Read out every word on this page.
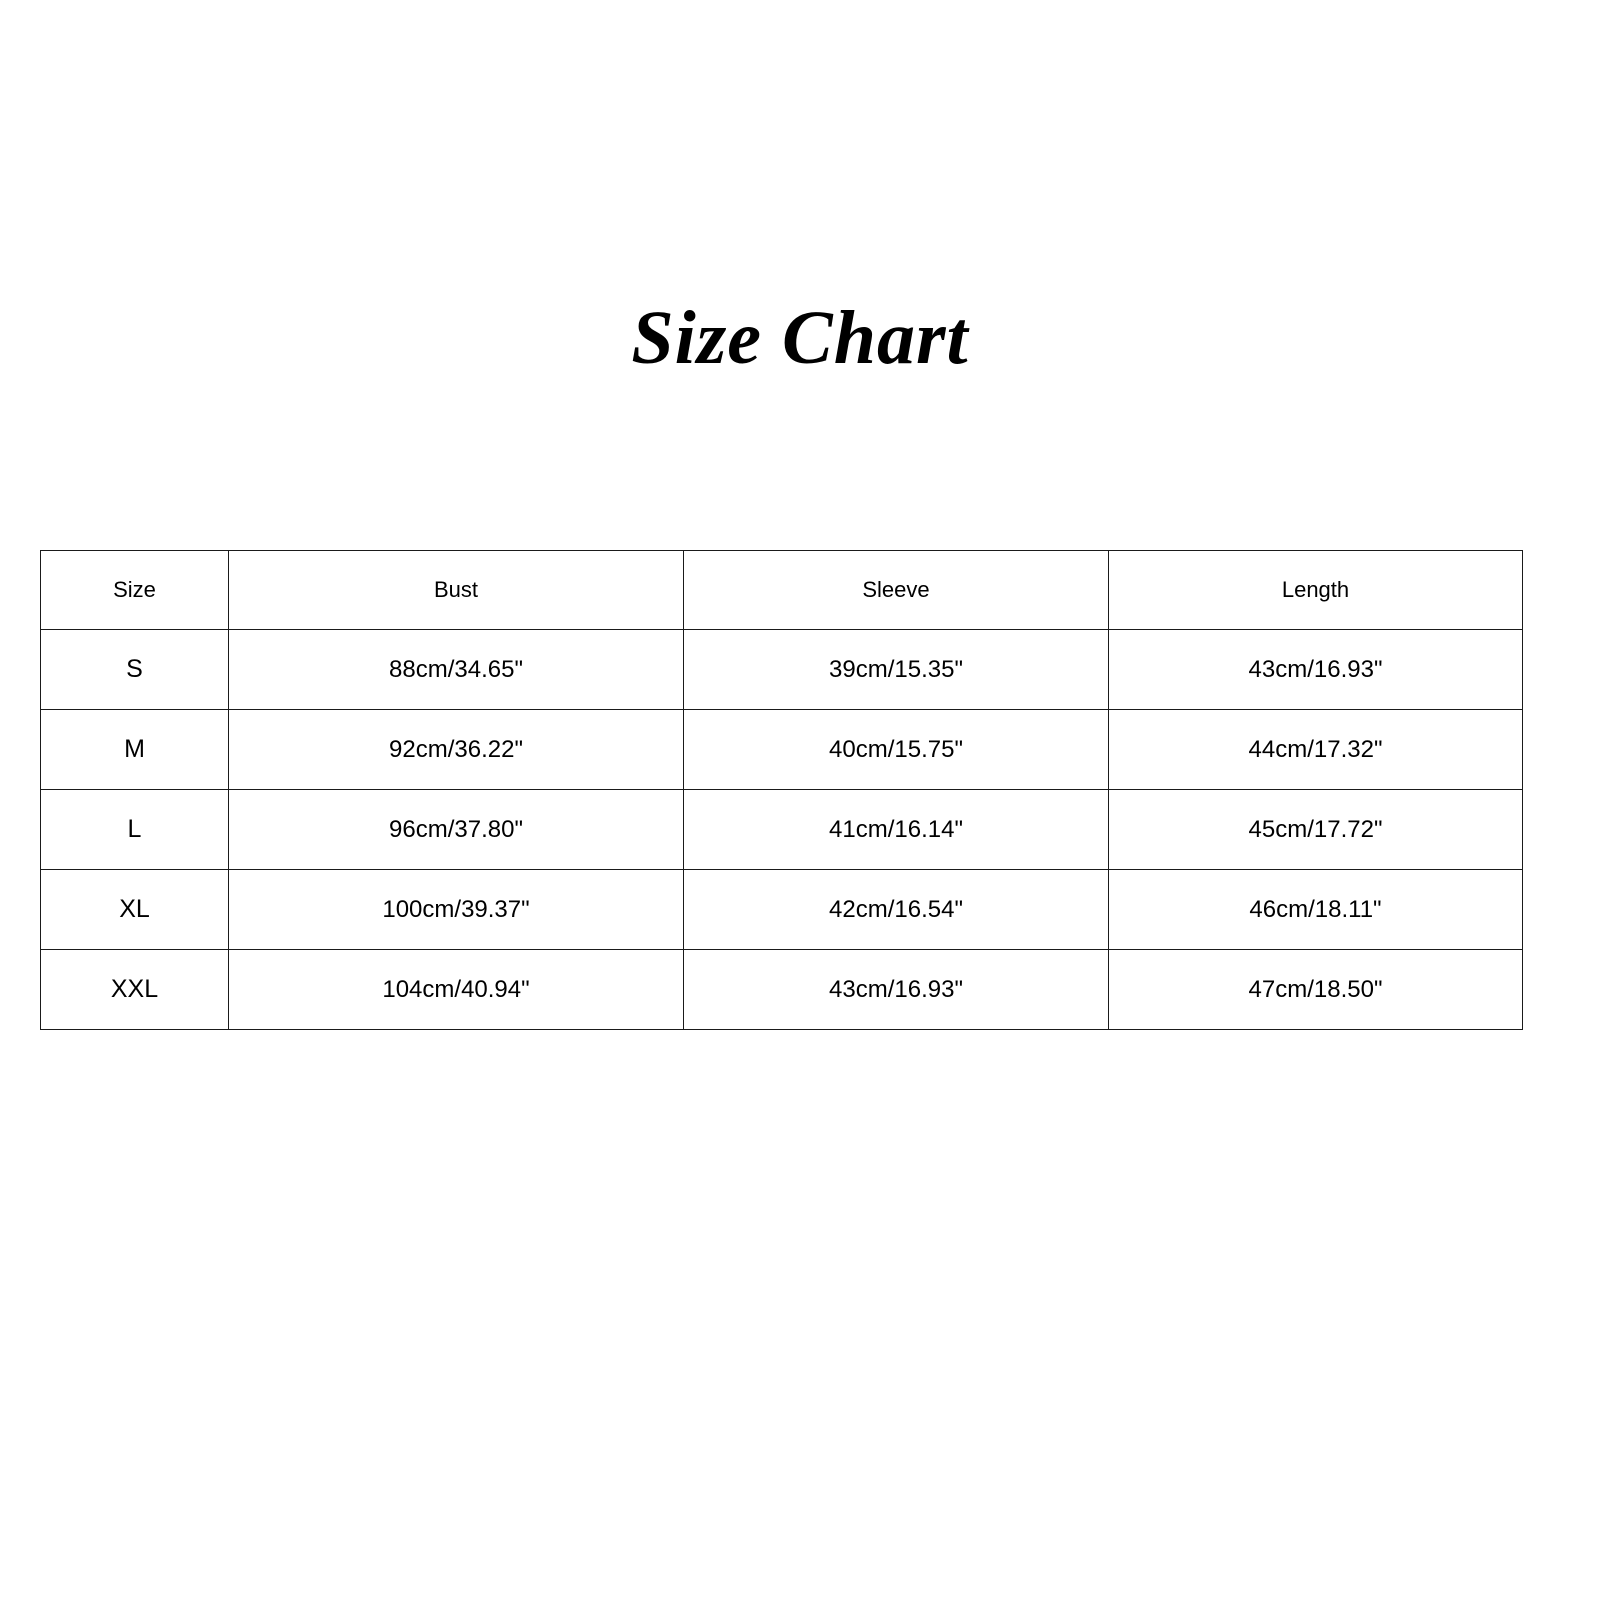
Size Chart
Size	Bust	Sleeve	Length
S	88cm/34.65"	39cm/15.35"	43cm/16.93"
M	92cm/36.22"	40cm/15.75"	44cm/17.32"
L	96cm/37.80"	41cm/16.14"	45cm/17.72"
XL	100cm/39.37"	42cm/16.54"	46cm/18.11"
XXL	104cm/40.94"	43cm/16.93"	47cm/18.50"
